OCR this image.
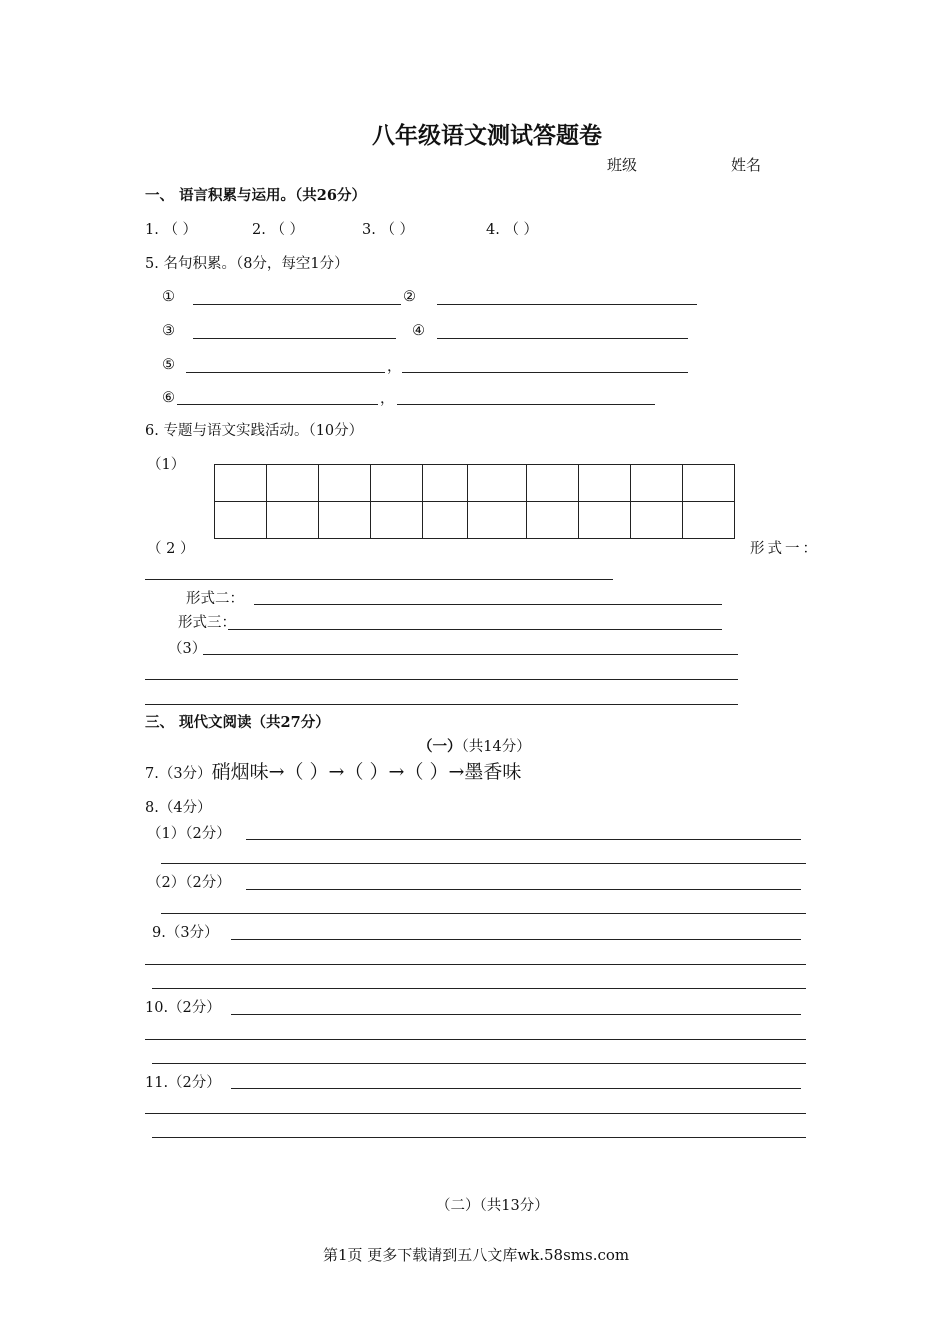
八年级语文测试答题卷
班级	姓名
一、 语言积累与运用。（共26分）
1. （ ）	2. （ ）	3. （ ）	4. （ ）
5. 名句积累。（8分，每空1分）
①	②
③	④
⑤	，
⑥	，
6. 专题与语文实践活动。（10分）
（1）

（ 2 ）	形式一：
形式二：
形式三：
（3）
三、 现代文阅读（共27分）
（一）（共14分）
7.（3分）硝烟味→（ ）→（ ）→（ ）→墨香味
8.（4分）
（1）（2分）
（2）（2分）
9.（3分）
10.（2分）
11.（2分）
（二）（共13分）
第1页 更多下载请到五八文库wk.58sms.com
